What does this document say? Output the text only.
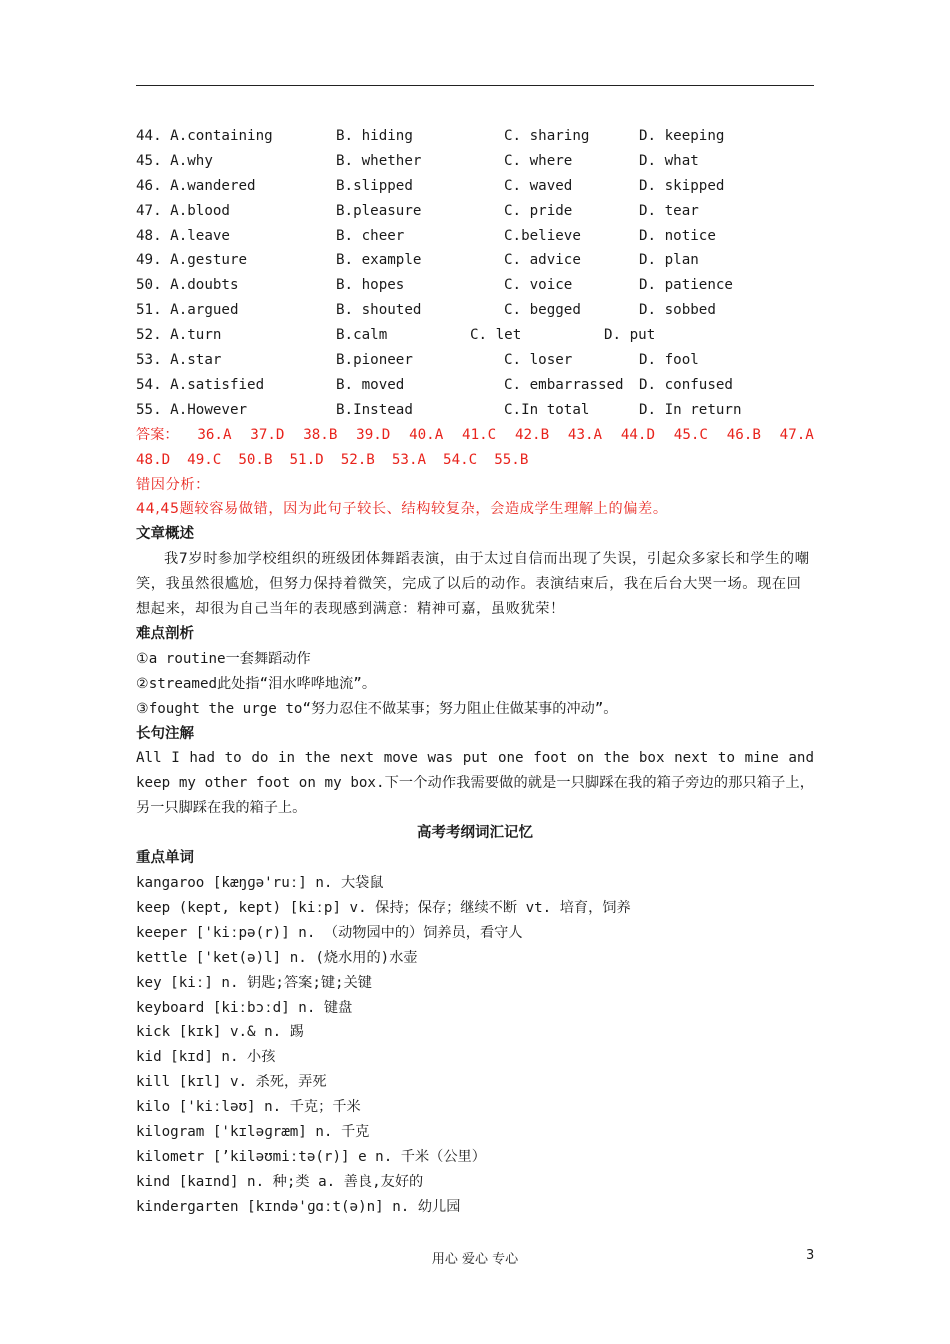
44. A.containing	B. hiding	C. sharing	D. keeping
45. A.why	B. whether	C. where	D. what
46. A.wandered	B.slipped	C. waved	D. skipped
47. A.blood	B.pleasure	C. pride	D. tear
48. A.leave	B. cheer	C.believe	D. notice
49. A.gesture	B. example	C. advice	D. plan
50. A.doubts	B. hopes	C. voice	D. patience
51. A.argued	B. shouted	C. begged	D. sobbed
52. A.turn	B.calm	C. let	D. put
53. A.star	B.pioneer	C. loser	D. fool
54. A.satisfied	B. moved	C. embarrassed	D. confused
55. A.However	B.Instead	C.In total	D. In return
答案： 36.A 37.D 38.B 39.D 40.A 41.C 42.B 43.A 44.D 45.C 46.B 47.A
48.D 49.C 50.B 51.D 52.B 53.A 54.C 55.B
错因分析：
44,45题较容易做错，因为此句子较长、结构较复杂，会造成学生理解上的偏差。
文章概述
我7岁时参加学校组织的班级团体舞蹈表演，由于太过自信而出现了失误，引起众多家长和学生的嘲笑，我虽然很尴尬，但努力保持着微笑，完成了以后的动作。表演结束后，我在后台大哭一场。现在回想起来，却很为自己当年的表现感到满意：精神可嘉，虽败犹荣！
难点剖析
①a routine一套舞蹈动作
②streamed此处指“泪水哗哗地流”。
③fought the urge to“努力忍住不做某事；努力阻止住做某事的冲动”。
长句注解
All I had to do in the next move was put one foot on the box next to mine and keep my other foot on my box.下一个动作我需要做的就是一只脚踩在我的箱子旁边的那只箱子上，另一只脚踩在我的箱子上。
高考考纲词汇记忆
重点单词
kangaroo [kæŋɡə'ruː] n. 大袋鼠
keep (kept, kept) [kiːp] v. 保持；保存；继续不断 vt. 培育，饲养
keeper ['kiːpə(r)] n. （动物园中的）饲养员，看守人
kettle ['ket(ə)l] n. (烧水用的)水壶
key [kiː] n. 钥匙;答案;键;关键
keyboard [kiːbɔːd] n. 键盘
kick [kɪk] v.& n. 踢
kid [kɪd] n. 小孩
kill [kɪl] v. 杀死，弄死
kilo ['kiːləʊ] n. 千克；千米
kilogram ['kɪləɡræm] n. 千克
kilometr [’kiləʊmiːtə(r)] e n. 千米（公里）
kind [kaɪnd] n. 种;类 a. 善良,友好的
kindergarten [kɪndə'ɡɑːt(ə)n] n. 幼儿园
用心 爱心 专心	3
